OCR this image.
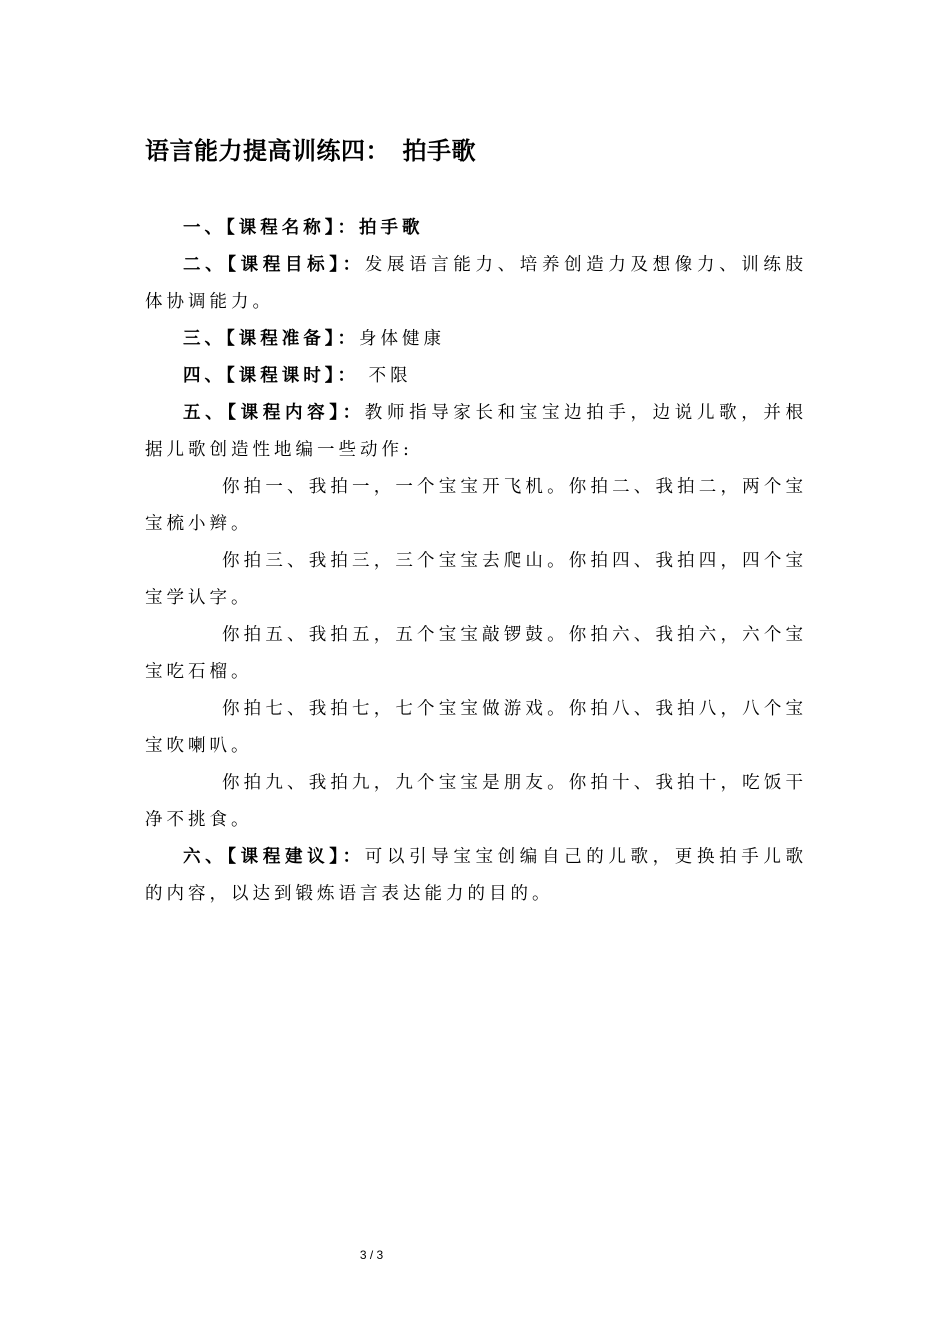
语言能力提高训练四：　拍手歌

一、【课程名称】：拍手歌

二、【课程目标】：发展语言能力、培养创造力及想像力、训练肢体协调能力。

三、【课程准备】：身体健康

四、【课程课时】： 不限

五、【课程内容】：教师指导家长和宝宝边拍手，边说儿歌，并根据儿歌创造性地编一些动作:

你拍一、我拍一，一个宝宝开飞机。你拍二、我拍二，两个宝宝梳小辫。

你拍三、我拍三，三个宝宝去爬山。你拍四、我拍四，四个宝宝学认字。

你拍五、我拍五，五个宝宝敲锣鼓。你拍六、我拍六，六个宝宝吃石榴。

你拍七、我拍七，七个宝宝做游戏。你拍八、我拍八，八个宝宝吹喇叭。

你拍九、我拍九，九个宝宝是朋友。你拍十、我拍十，吃饭干净不挑食。

六、【课程建议】：可以引导宝宝创编自己的儿歌，更换拍手儿歌的内容，以达到锻炼语言表达能力的目的。

3 / 3
